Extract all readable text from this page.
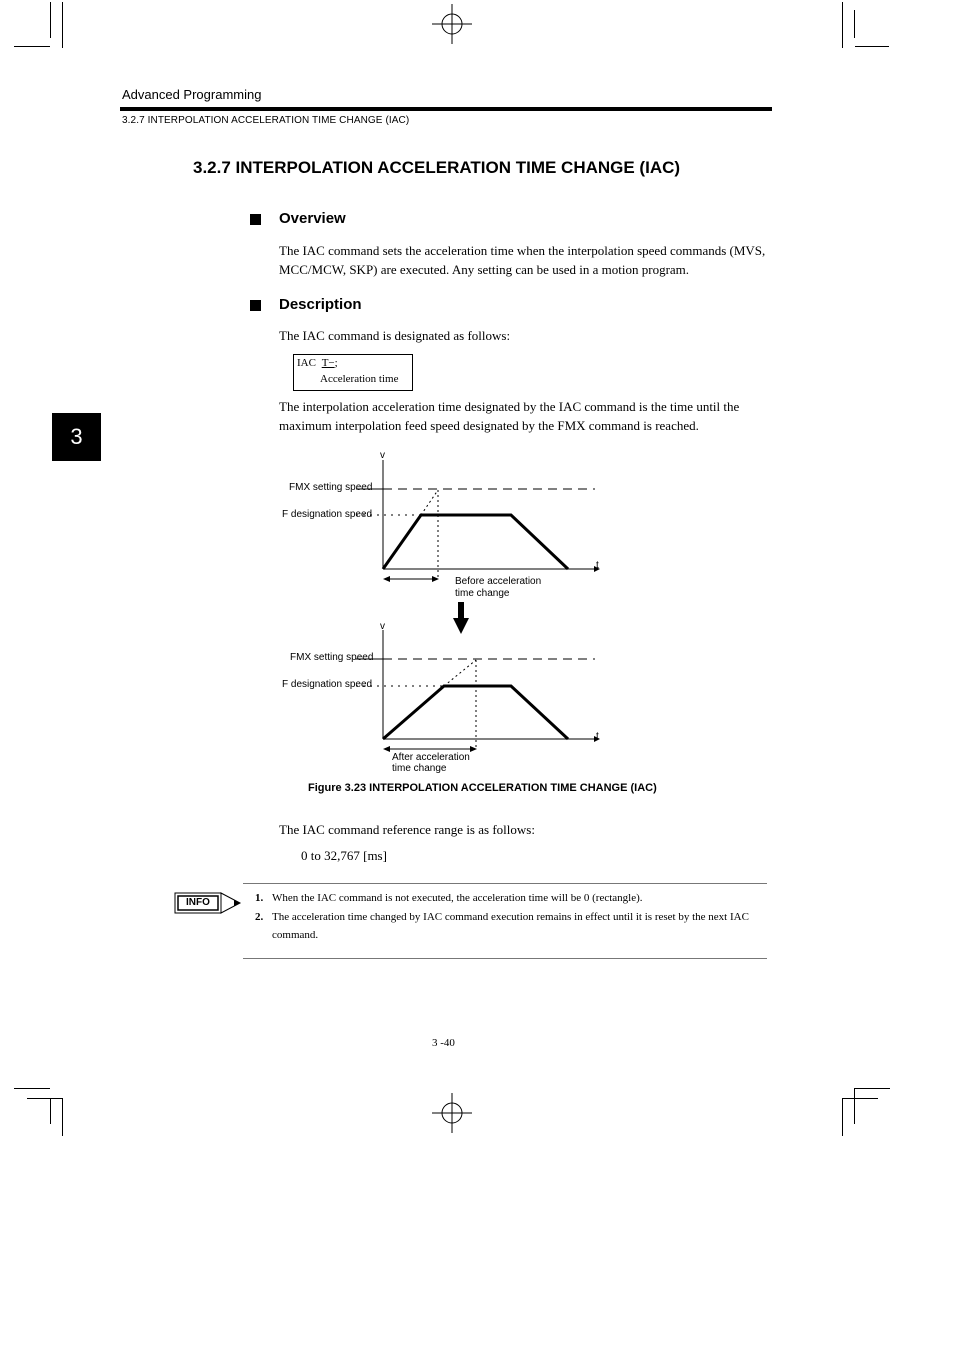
Advanced Programming
3.2.7 INTERPOLATION ACCELERATION TIME CHANGE (IAC)
3
3.2.7 INTERPOLATION ACCELERATION TIME CHANGE (IAC)
Overview
The IAC command sets the acceleration time when the interpolation speed commands (MVS, MCC/MCW, SKP) are executed. Any setting can be used in a motion program.
Description
The IAC command is designated as follows:
IAC T−;
Acceleration time
The interpolation acceleration time designated by the IAC command is the time until the maximum interpolation feed speed designated by the FMX command is reached.
v
t
FMX setting speed
F designation speed
Before acceleration
time change
v
t
FMX setting speed
F designation speed
After acceleration
time change
Figure 3.23 INTERPOLATION ACCELERATION TIME CHANGE (IAC)
The IAC command reference range is as follows:
0 to 32,767 [ms]
INFO	1. When the IAC command is not executed, the acceleration time will be 0 (rectangle).
2. The acceleration time changed by IAC command execution remains in effect until it is reset by the next IAC command.
3 -40
